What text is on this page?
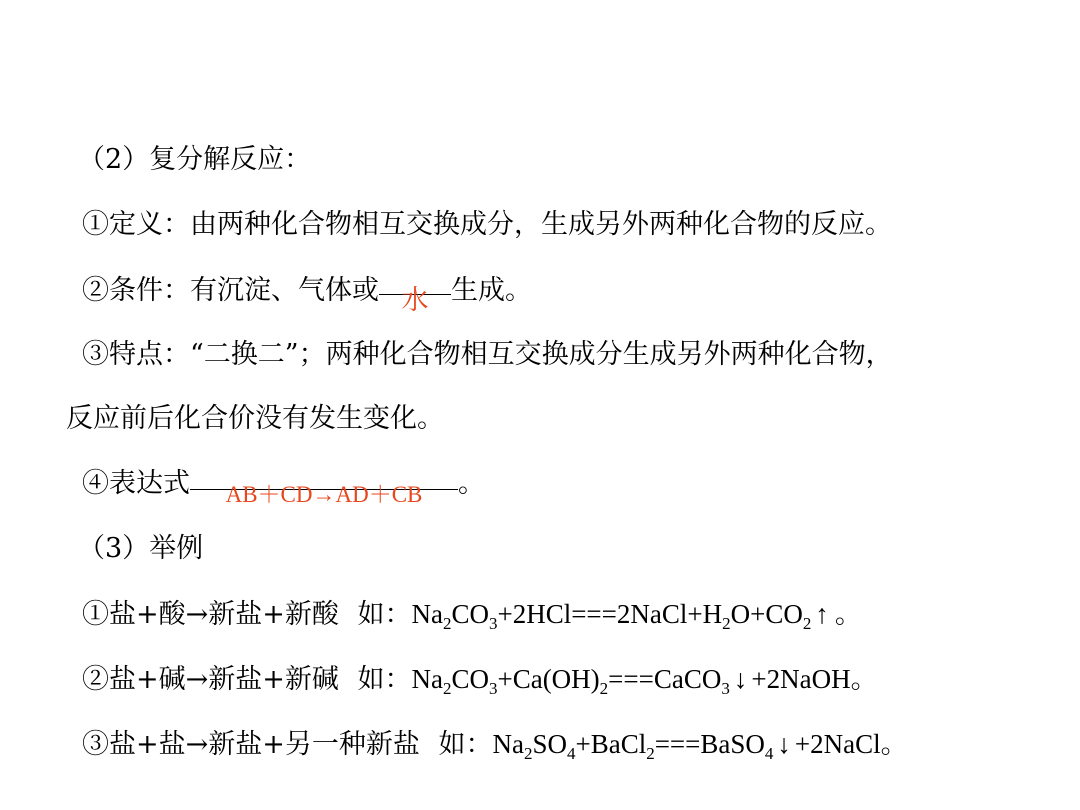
（2）复分解反应：
①定义：由两种化合物相互交换成分，生成另外两种化合物的反应。
②条件：有沉淀、气体或 水 生成。
③特点：“二换二”；两种化合物相互交换成分生成另外两种化合物，
反应前后化合价没有发生变化。
④表达式 AB＋CD→AD＋CB 。
（3）举例
①盐+酸→新盐+新酸 如：$Na_2CO_3+2HCl===2NaCl+H_2O+CO_2$ ↑ 。
②盐+碱→新盐+新碱 如：$Na_2CO_3+Ca(OH)_2===CaCO_3$ ↓ +2NaOH。
③盐+盐→新盐+另一种新盐 如：$Na_2SO_4+BaCl_2===BaSO_4$ ↓ +2NaCl。
